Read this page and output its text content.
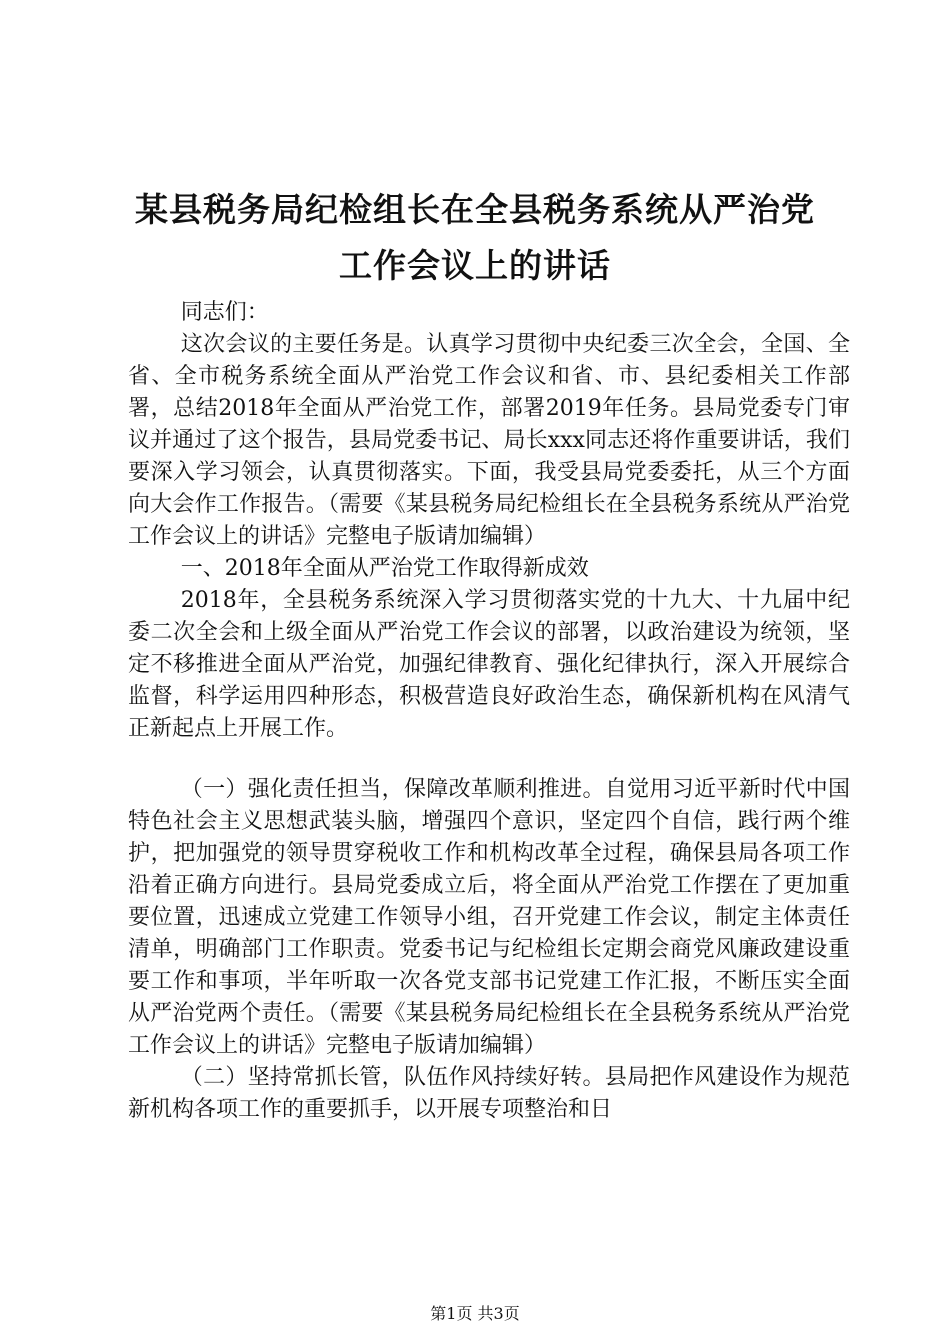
某县税务局纪检组长在全县税务系统从严治党
工作会议上的讲话

同志们：

这次会议的主要任务是。认真学习贯彻中央纪委三次全会，全国、全省、全市税务系统全面从严治党工作会议和省、市、县纪委相关工作部署，总结2018年全面从严治党工作，部署2019年任务。县局党委专门审议并通过了这个报告，县局党委书记、局长xxx同志还将作重要讲话，我们要深入学习领会，认真贯彻落实。下面，我受县局党委委托，从三个方面向大会作工作报告。（需要《某县税务局纪检组长在全县税务系统从严治党工作会议上的讲话》完整电子版请加编辑）

一、2018年全面从严治党工作取得新成效

2018年，全县税务系统深入学习贯彻落实党的十九大、十九届中纪委二次全会和上级全面从严治党工作会议的部署，以政治建设为统领，坚定不移推进全面从严治党，加强纪律教育、强化纪律执行，深入开展综合监督，科学运用四种形态，积极营造良好政治生态，确保新机构在风清气正新起点上开展工作。

（一）强化责任担当，保障改革顺利推进。自觉用习近平新时代中国特色社会主义思想武装头脑，增强四个意识，坚定四个自信，践行两个维护，把加强党的领导贯穿税收工作和机构改革全过程，确保县局各项工作沿着正确方向进行。县局党委成立后，将全面从严治党工作摆在了更加重要位置，迅速成立党建工作领导小组，召开党建工作会议，制定主体责任清单，明确部门工作职责。党委书记与纪检组长定期会商党风廉政建设重要工作和事项，半年听取一次各党支部书记党建工作汇报，不断压实全面从严治党两个责任。（需要《某县税务局纪检组长在全县税务系统从严治党工作会议上的讲话》完整电子版请加编辑）

（二）坚持常抓长管，队伍作风持续好转。县局把作风建设作为规范新机构各项工作的重要抓手，以开展专项整治和日

第1页 共3页
